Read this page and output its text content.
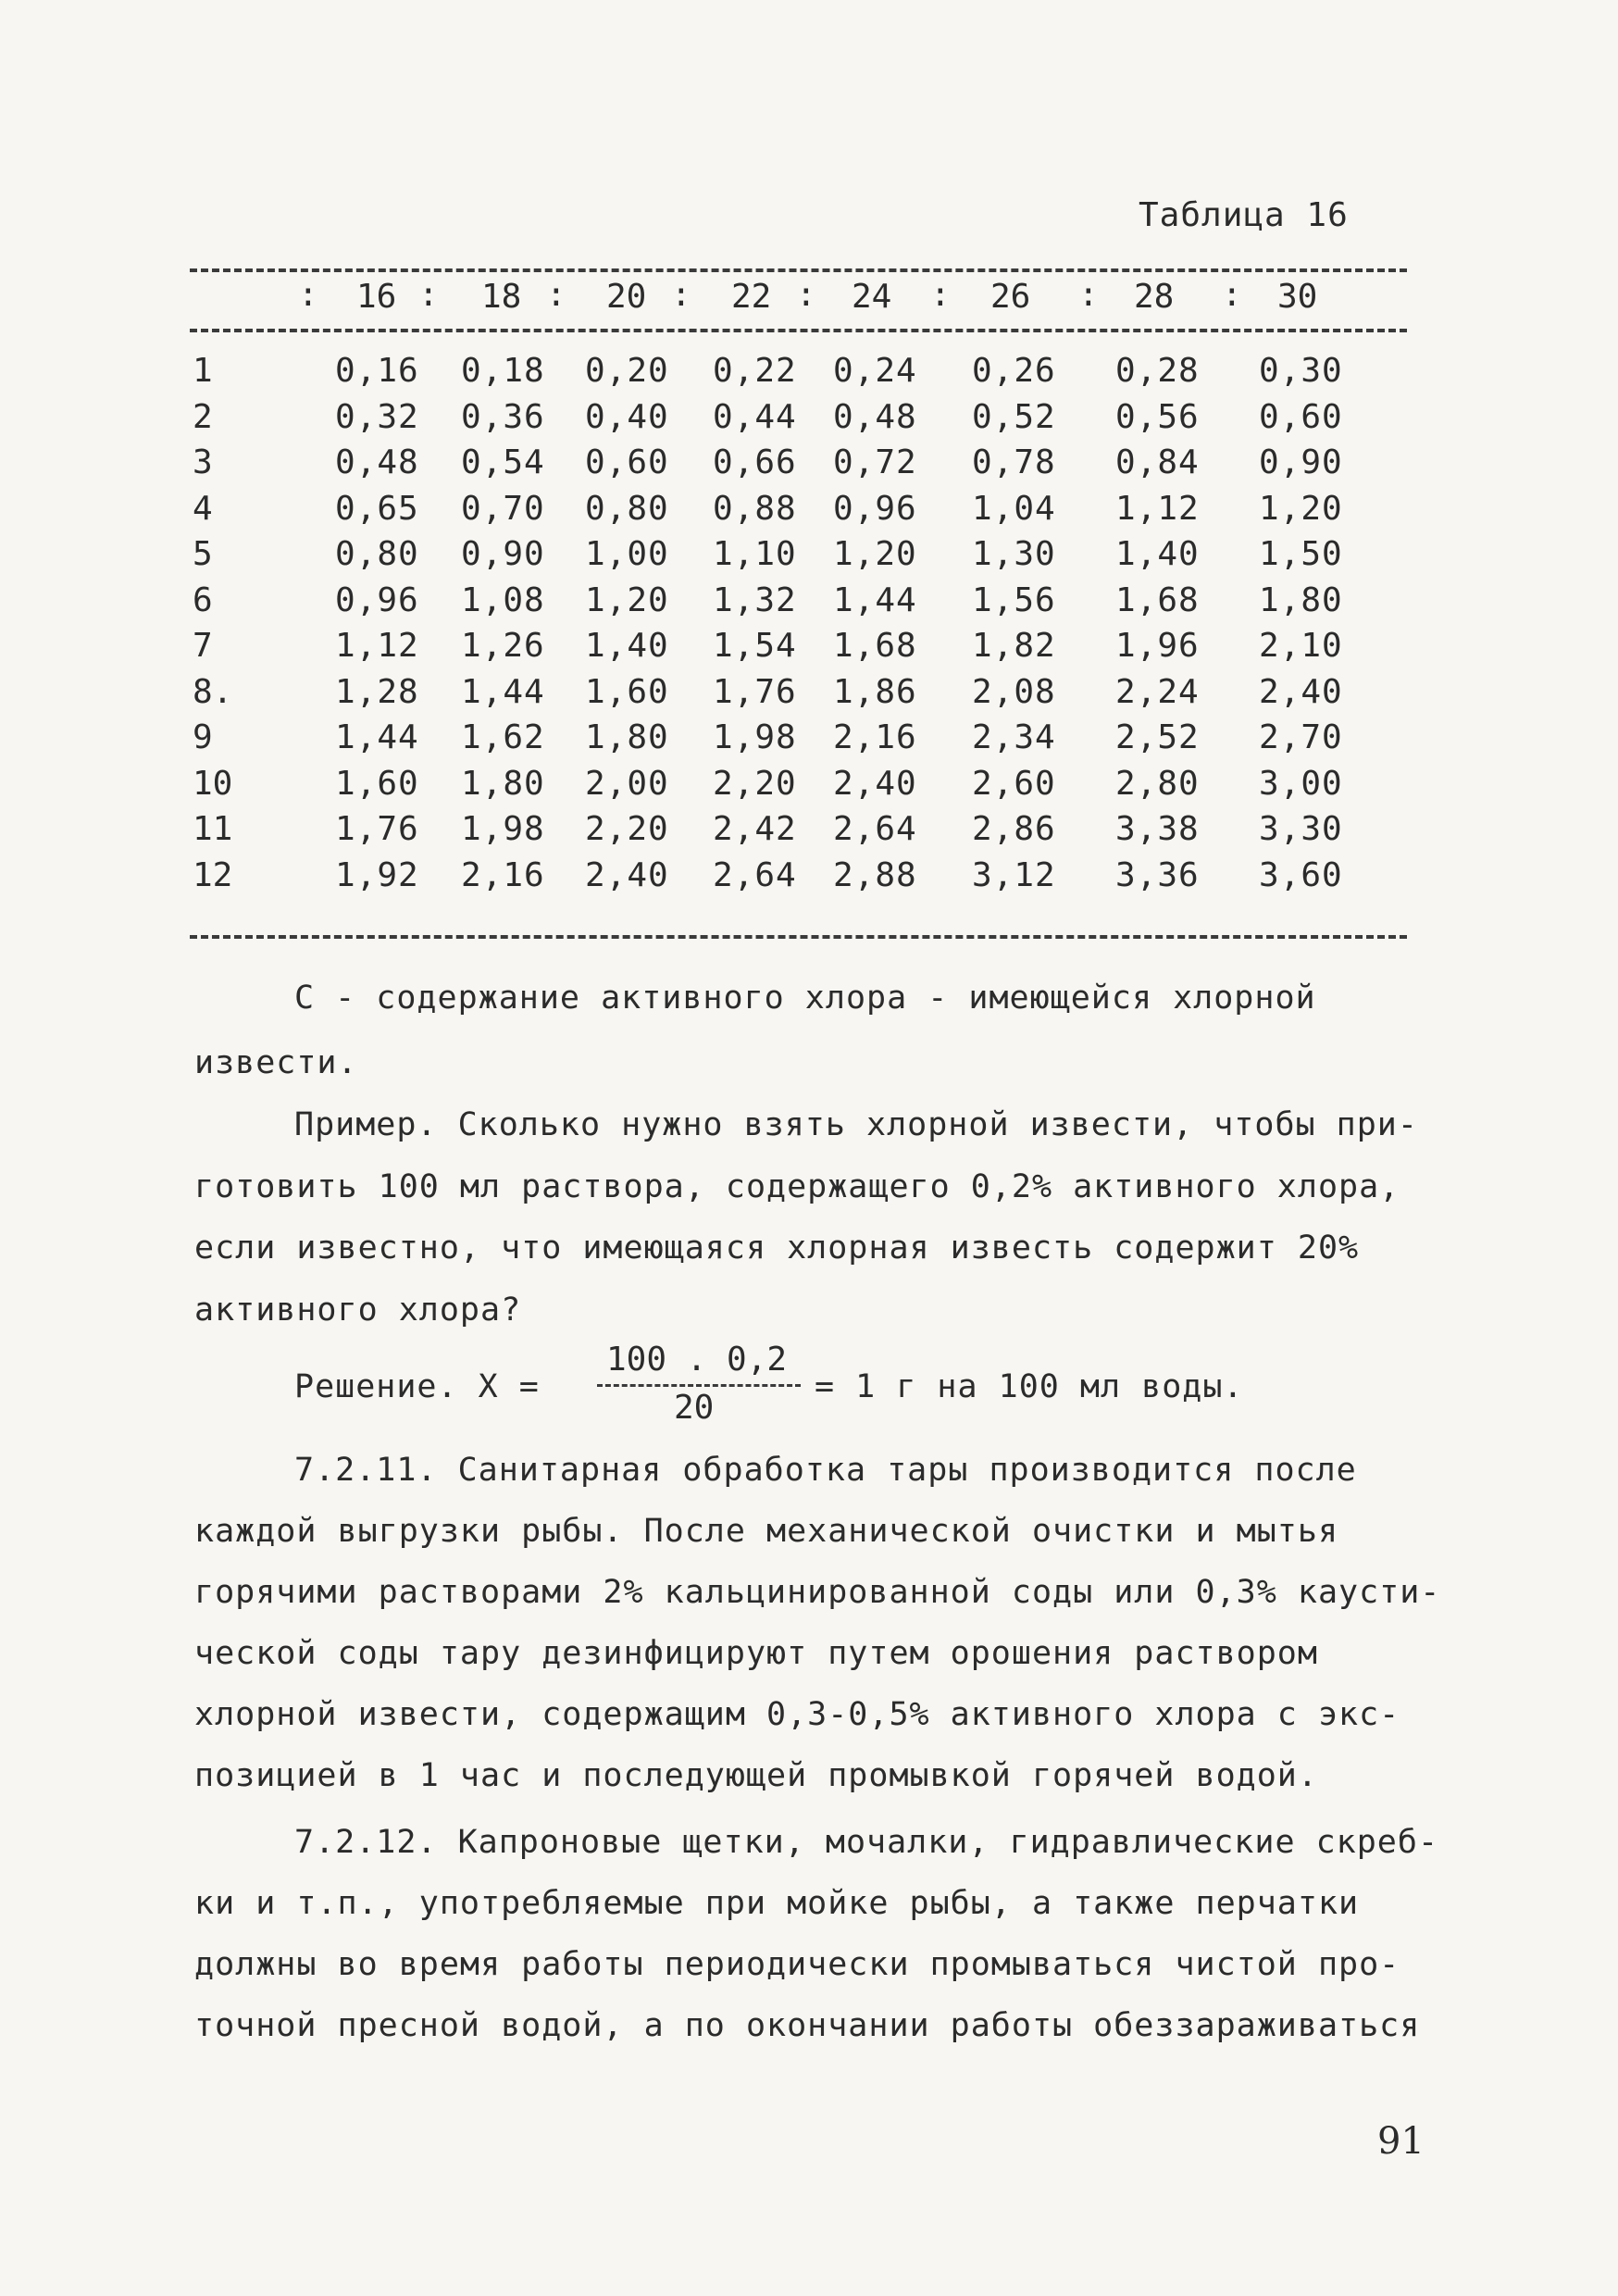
Таблица 16
16	18	20	22 24	26	28	30
:	:	:	:	:	:	:	:
1	0,16 0,18 0,20 0,22 0,24 0,26 0,28 0,30
2	0,32 0,36 0,40 0,44 0,48 0,52 0,56 0,60
3	0,48 0,54 0,60 0,66 0,72 0,78 0,84 0,90
4	0,65 0,70 0,80 0,88 0,96 1,04 1,12 1,20
5	0,80 0,90 1,00 1,10 1,20 1,30 1,40 1,50
6	0,96 1,08 1,20 1,32 1,44 1,56 1,68 1,80
7	1,12 1,26 1,40 1,54 1,68 1,82 1,96 2,10
8.	1,28 1,44 1,60 1,76 1,86 2,08 2,24 2,40
9	1,44 1,62 1,80 1,98 2,16 2,34 2,52 2,70
10	1,60 1,80 2,00 2,20 2,40 2,60 2,80 3,00
11	1,76 1,98 2,20 2,42 2,64 2,86 3,38 3,30
12	1,92 2,16 2,40 2,64 2,88 3,12 3,36 3,60
С - содержание активного хлора - имеющейся хлорной
извести.
Пример. Сколько нужно взять хлорной извести, чтобы при-
готовить 100 мл раствора, содержащего 0,2% активного хлора,
если известно, что имеющаяся хлорная известь содержит 20%
активного хлора?
Решение. Х =
100 . 0,2
20
= 1 г на 100 мл воды.
7.2.11. Санитарная обработка тары производится после
каждой выгрузки рыбы. После механической очистки и мытья
горячими растворами 2% кальцинированной соды или 0,3% каусти-
ческой соды тару дезинфицируют путем орошения раствором
хлорной извести, содержащим 0,3-0,5% активного хлора с экс-
позицией в 1 час и последующей промывкой горячей водой.
7.2.12. Капроновые щетки, мочалки, гидравлические скреб-
ки и т.п., употребляемые при мойке рыбы, а также перчатки
должны во время работы периодически промываться чистой про-
точной пресной водой, а по окончании работы обеззараживаться
91
